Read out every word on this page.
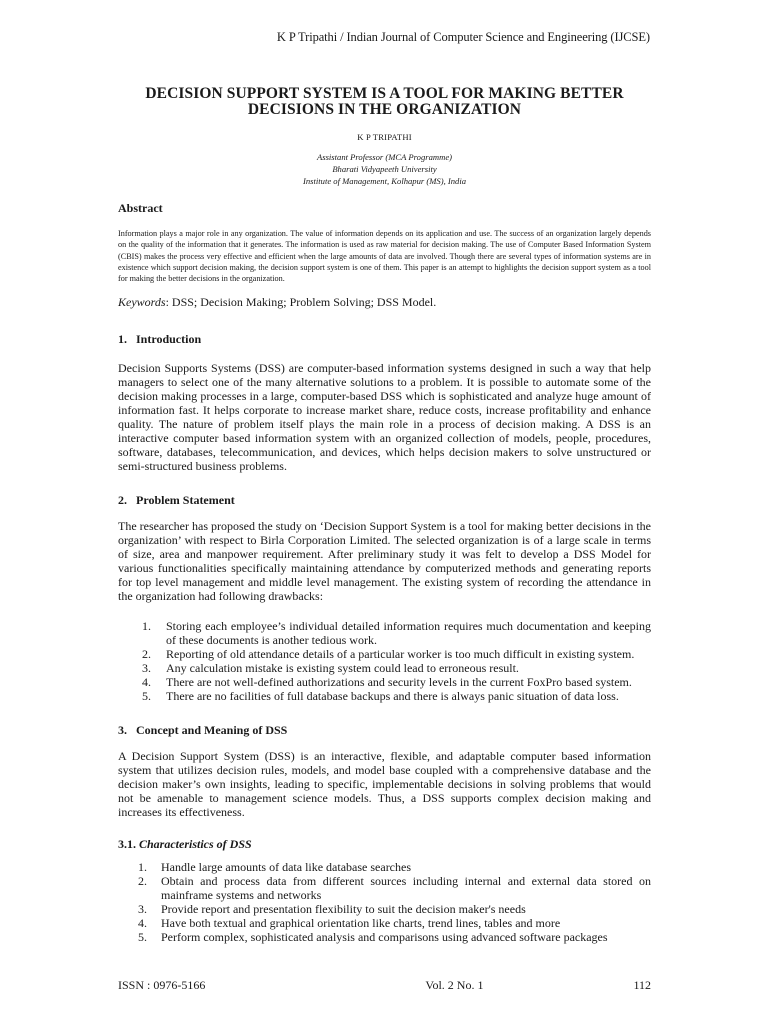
K P Tripathi / Indian Journal of Computer Science and Engineering (IJCSE)
DECISION SUPPORT SYSTEM IS A TOOL FOR MAKING BETTER
DECISIONS IN THE ORGANIZATION
K P TRIPATHI
Assistant Professor (MCA Programme)
Bharati Vidyapeeth University
Institute of Management, Kolhapur (MS), India
Abstract
Information plays a major role in any organization. The value of information depends on its application and use. The success of an organization largely depends on the quality of the information that it generates. The information is used as raw material for decision making. The use of Computer Based Information System (CBIS) makes the process very effective and efficient when the large amounts of data are involved. Though there are several types of information systems are in existence which support decision making, the decision support system is one of them. This paper is an attempt to highlights the decision support system as a tool for making the better decisions in the organization.
Keywords: DSS; Decision Making; Problem Solving; DSS Model.
1.   Introduction
Decision Supports Systems (DSS) are computer-based information systems designed in such a way that help managers to select one of the many alternative solutions to a problem. It is possible to automate some of the decision making processes in a large, computer-based DSS which is sophisticated and analyze huge amount of information fast. It helps corporate to increase market share, reduce costs, increase profitability and enhance quality. The nature of problem itself plays the main role in a process of decision making. A DSS is an interactive computer based information system with an organized collection of models, people, procedures, software, databases, telecommunication, and devices, which helps decision makers to solve unstructured or semi-structured business problems.
2.   Problem Statement
The researcher has proposed the study on ‘Decision Support System is a tool for making better decisions in the organization’ with respect to Birla Corporation Limited. The selected organization is of a large scale in terms of size, area and manpower requirement. After preliminary study it was felt to develop a DSS Model for various functionalities specifically maintaining attendance by computerized methods and generating reports for top level management and middle level management. The existing system of recording the attendance in the organization had following drawbacks:
1.	Storing each employee’s individual detailed information requires much documentation and keeping of these documents is another tedious work.
2.	Reporting of old attendance details of a particular worker is too much difficult in existing system.
3.	Any calculation mistake is existing system could lead to erroneous result.
4.	There are not well-defined authorizations and security levels in the current FoxPro based system.
5.	There are no facilities of full database backups and there is always panic situation of data loss.
3.   Concept and Meaning of DSS
A Decision Support System (DSS) is an interactive, flexible, and adaptable computer based information system that utilizes decision rules, models, and model base coupled with a comprehensive database and the decision maker’s own insights, leading to specific, implementable decisions in solving problems that would not be amenable to management science models. Thus, a DSS supports complex decision making and increases its effectiveness.
3.1. Characteristics of DSS
1.	Handle large amounts of data like database searches
2.	Obtain and process data from different sources including internal and external data stored on mainframe systems and networks
3.	Provide report and presentation flexibility to suit the decision maker's needs
4.	Have both textual and graphical orientation like charts, trend lines, tables and more
5.	Perform complex, sophisticated analysis and comparisons using advanced software packages
ISSN : 0976-5166	Vol. 2 No. 1	112
